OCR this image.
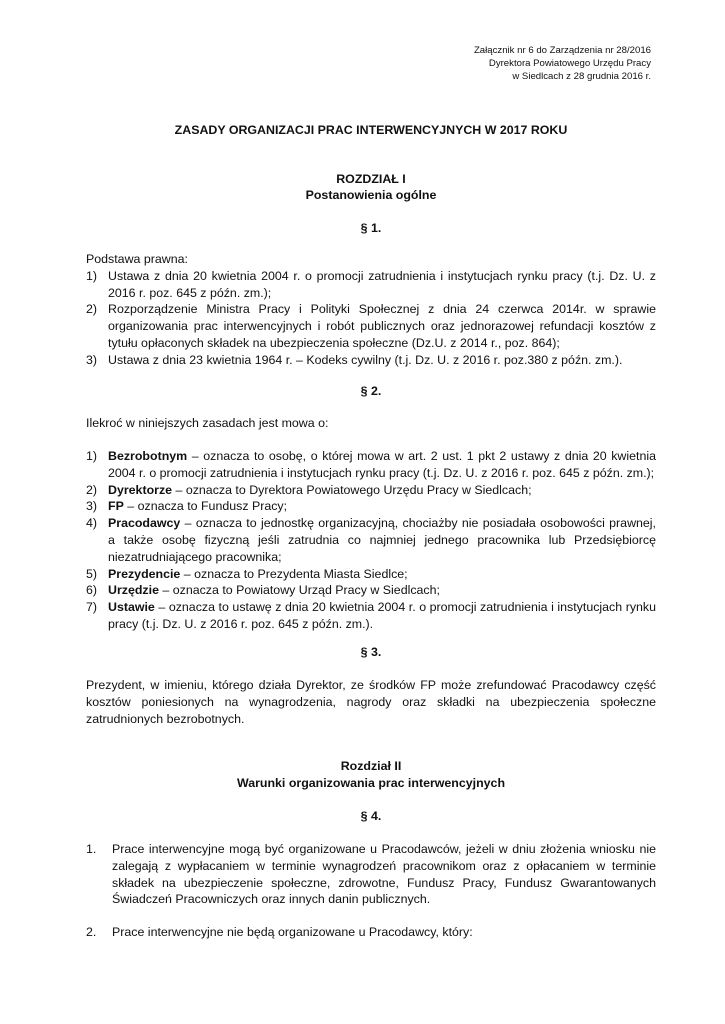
Załącznik nr 6 do Zarządzenia nr 28/2016
Dyrektora Powiatowego Urzędu Pracy
w Siedlcach z 28 grudnia 2016 r.
ZASADY ORGANIZACJI PRAC INTERWENCYJNYCH W 2017 ROKU
ROZDZIAŁ I
Postanowienia ogólne
§ 1.
Podstawa prawna:
1) Ustawa z dnia 20 kwietnia 2004 r. o promocji zatrudnienia i instytucjach rynku pracy (t.j. Dz. U. z 2016 r. poz. 645 z późn. zm.);
2) Rozporządzenie Ministra Pracy i Polityki Społecznej z dnia 24 czerwca 2014r. w sprawie organizowania prac interwencyjnych i robót publicznych oraz jednorazowej refundacji kosztów z tytułu opłaconych składek na ubezpieczenia społeczne (Dz.U. z 2014 r., poz. 864);
3) Ustawa z dnia 23 kwietnia 1964 r. – Kodeks cywilny (t.j. Dz. U. z 2016 r. poz.380 z późn. zm.).
§ 2.
Ilekroć w niniejszych zasadach jest mowa o:
1) Bezrobotnym – oznacza to osobę, o której mowa w art. 2 ust. 1 pkt 2 ustawy z dnia 20 kwietnia 2004 r. o promocji zatrudnienia i instytucjach rynku pracy (t.j. Dz. U. z 2016 r. poz. 645 z późn. zm.);
2) Dyrektorze – oznacza to Dyrektora Powiatowego Urzędu Pracy w Siedlcach;
3) FP – oznacza to Fundusz Pracy;
4) Pracodawcy – oznacza to jednostkę organizacyjną, chociażby nie posiadała osobowości prawnej, a także osobę fizyczną jeśli zatrudnia co najmniej jednego pracownika lub Przedsiębiorcę niezatrudniającego pracownika;
5) Prezydencie – oznacza to Prezydenta Miasta Siedlce;
6) Urzędzie – oznacza to Powiatowy Urząd Pracy w Siedlcach;
7) Ustawie – oznacza to ustawę z dnia 20 kwietnia 2004 r. o promocji zatrudnienia i instytucjach rynku pracy (t.j. Dz. U. z 2016 r. poz. 645 z późn. zm.).
§ 3.
Prezydent, w imieniu, którego działa Dyrektor, ze środków FP może zrefundować Pracodawcy część kosztów poniesionych na wynagrodzenia, nagrody oraz składki na ubezpieczenia społeczne zatrudnionych bezrobotnych.
Rozdział II
Warunki organizowania prac interwencyjnych
§ 4.
1. Prace interwencyjne mogą być organizowane u Pracodawców, jeżeli w dniu złożenia wniosku nie zalegają z wypłacaniem w terminie wynagrodzeń pracownikom oraz z opłacaniem w terminie składek na ubezpieczenie społeczne, zdrowotne, Fundusz Pracy, Fundusz Gwarantowanych Świadczeń Pracowniczych oraz innych danin publicznych.
2. Prace interwencyjne nie będą organizowane u Pracodawcy, który:
